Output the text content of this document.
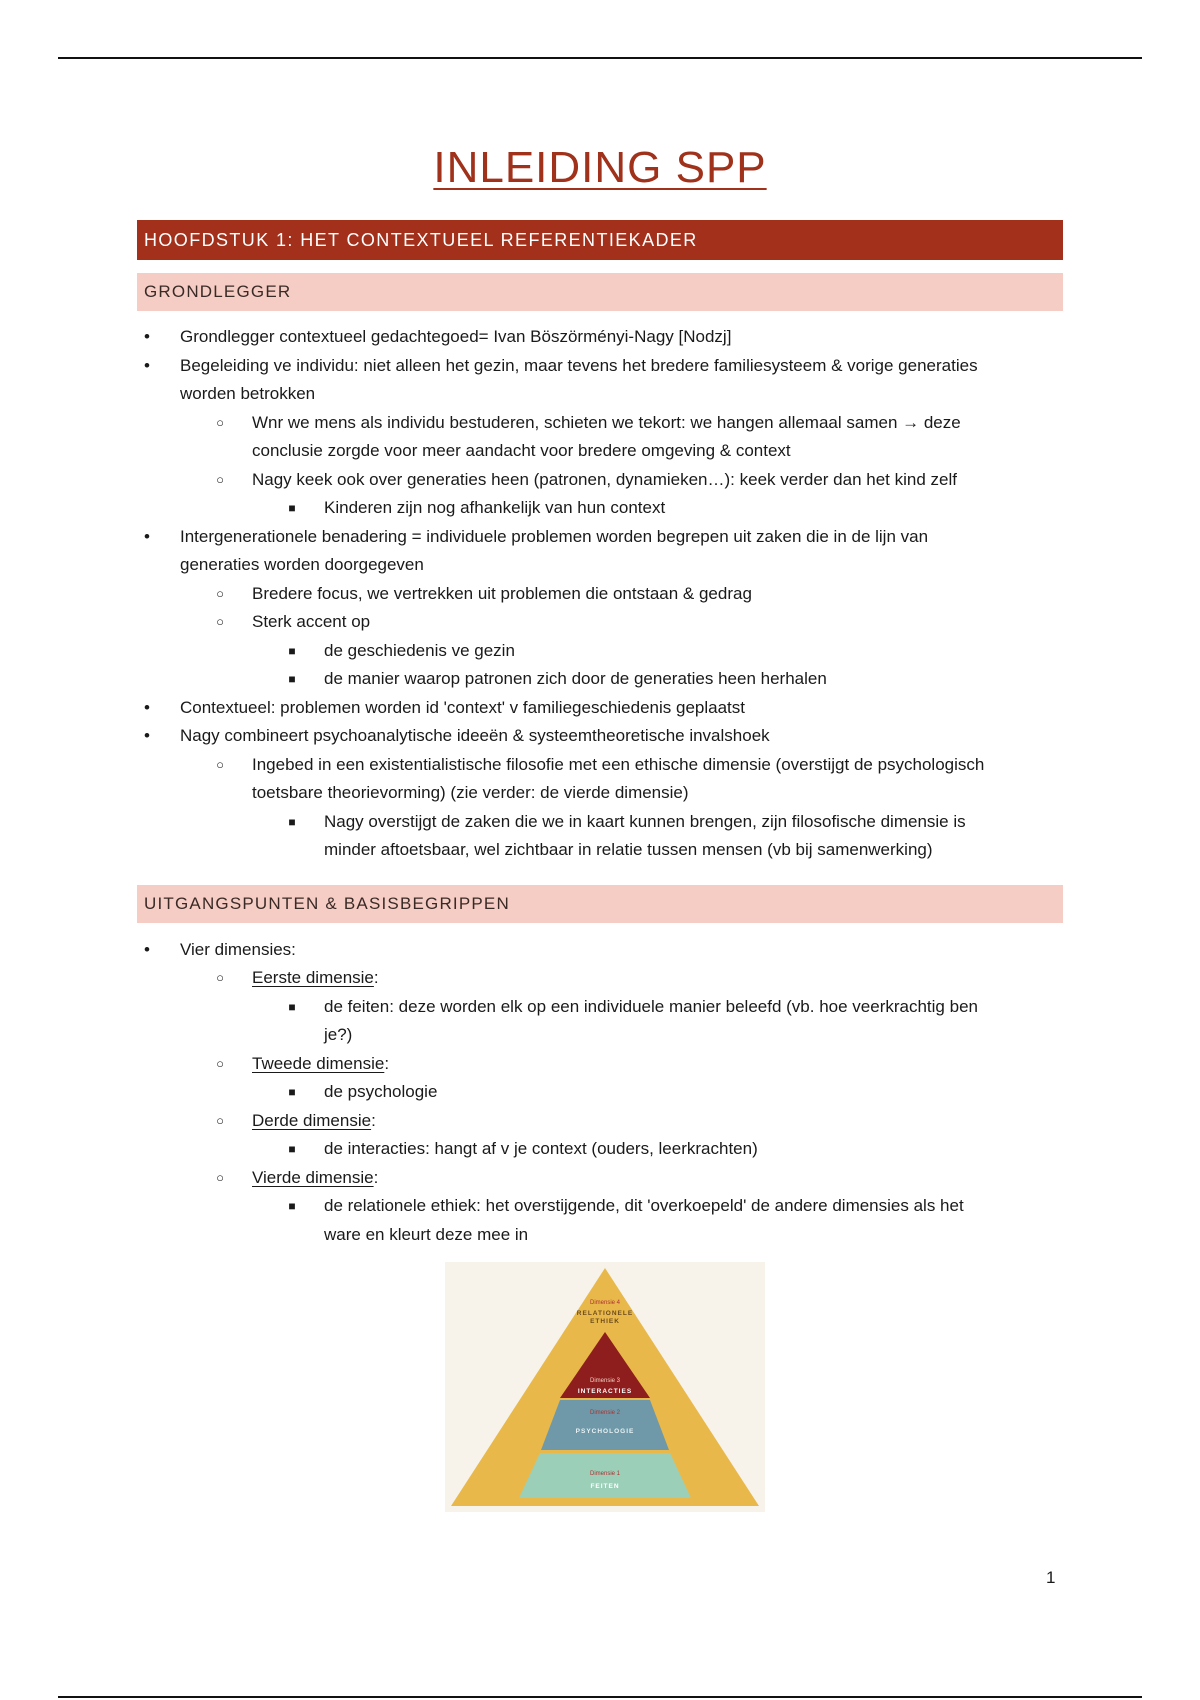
INLEIDING SPP
HOOFDSTUK 1: HET CONTEXTUEEL REFERENTIEKADER
GRONDLEGGER
•	Grondlegger contextueel gedachtegoed= Ivan Böszörményi-Nagy [Nodzj]
•	Begeleiding ve individu: niet alleen het gezin, maar tevens het bredere familiesysteem & vorige generaties
worden betrokken
○	Wnr we mens als individu bestuderen, schieten we tekort: we hangen allemaal samen → deze
conclusie zorgde voor meer aandacht voor bredere omgeving & context
○	Nagy keek ook over generaties heen (patronen, dynamieken…): keek verder dan het kind zelf
■	Kinderen zijn nog afhankelijk van hun context
•	Intergenerationele benadering = individuele problemen worden begrepen uit zaken die in de lijn van
generaties worden doorgegeven
○	Bredere focus, we vertrekken uit problemen die ontstaan & gedrag
○	Sterk accent op
■	de geschiedenis ve gezin
■	de manier waarop patronen zich door de generaties heen herhalen
•	Contextueel: problemen worden id 'context' v familiegeschiedenis geplaatst
•	Nagy combineert psychoanalytische ideeën & systeemtheoretische invalshoek
○	Ingebed in een existentialistische filosofie met een ethische dimensie (overstijgt de psychologisch
toetsbare theorievorming) (zie verder: de vierde dimensie)
■	Nagy overstijgt de zaken die we in kaart kunnen brengen, zijn filosofische dimensie is
minder aftoetsbaar, wel zichtbaar in relatie tussen mensen (vb bij samenwerking)
UITGANGSPUNTEN & BASISBEGRIPPEN
•	Vier dimensies:
○	Eerste dimensie:
■	de feiten: deze worden elk op een individuele manier beleefd (vb. hoe veerkrachtig ben
je?)
○	Tweede dimensie:
■	de psychologie
○	Derde dimensie:
■	de interacties: hangt af v je context (ouders, leerkrachten)
○	Vierde dimensie:
■	de relationele ethiek: het overstijgende, dit 'overkoepeld' de andere dimensies als het
ware en kleurt deze mee in
Dimensie 4
RELATIONELE
ETHIEK
Dimensie 3
INTERACTIES
Dimensie 2
PSYCHOLOGIE
Dimensie 1
FEITEN
1
